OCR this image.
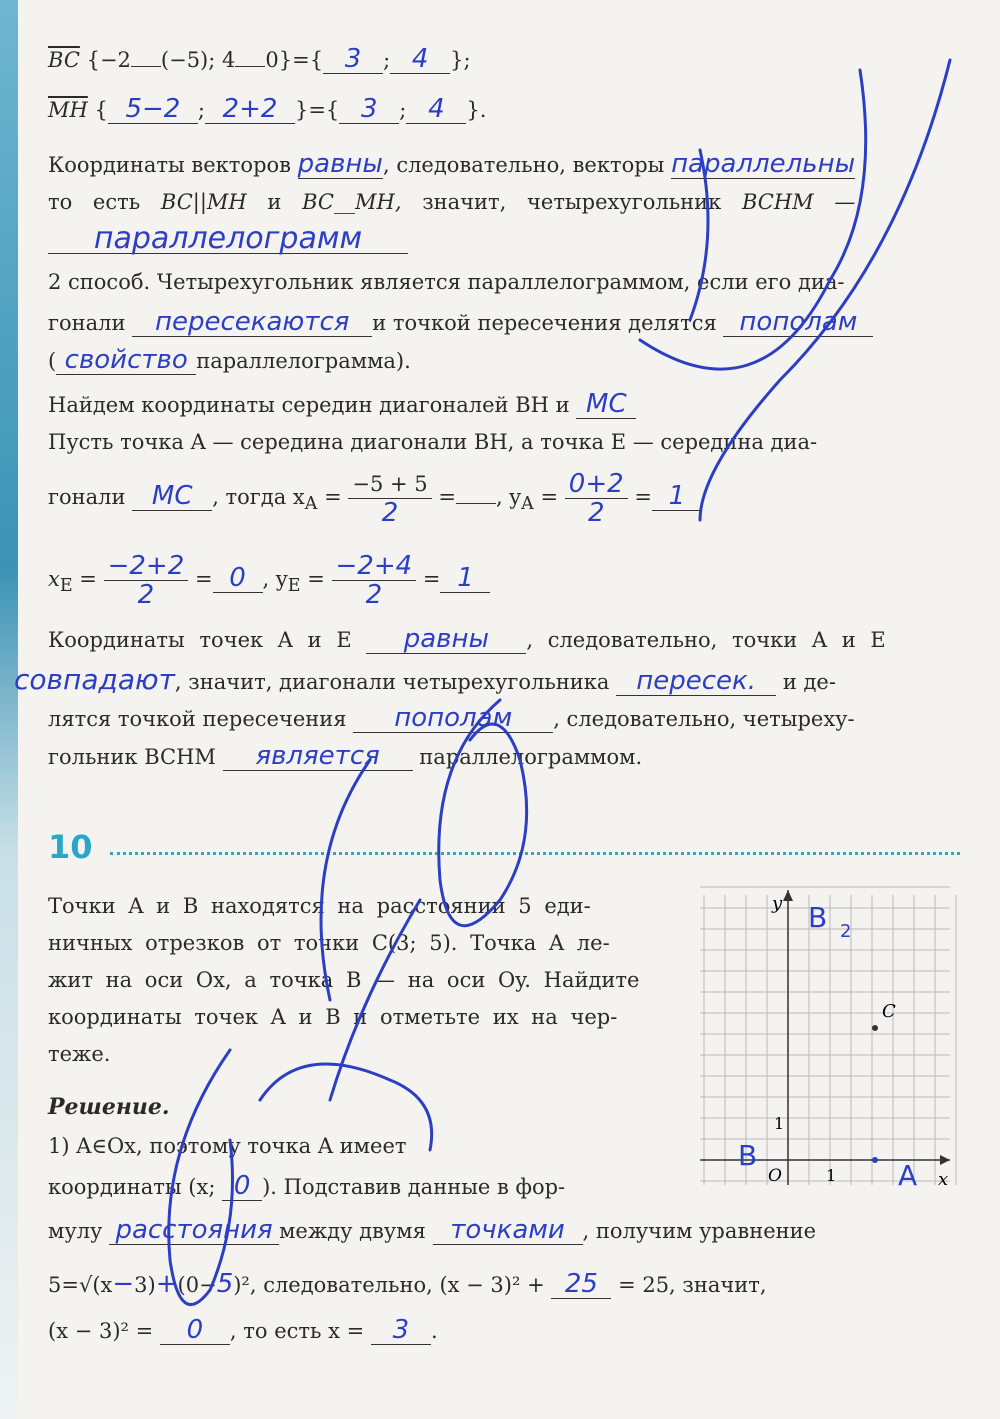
$\overline{BC}$ {−2 (−5); 4 0}={ 3 ; 4 };
$\overline{MH}$ { 5−2 ; 2+2 }={ 3 ; 4 }.
Координаты векторов равны, следовательно, векторы параллельны
то есть BC||MH и BC__MH, значит, четырехугольник BCHM —
параллелограмм
2 способ. Четырехугольник является параллелограммом, если его диа-
гонали пересекаются и точкой пересечения делятся пополам
( свойство параллелограмма).
Найдем координаты середин диагоналей BH и MC
Пусть точка A — середина диагонали BH, а точка E — середина диа-
гонали MC , тогда $x_A = \frac{-5 + 5}{2}$ = , $y_A = \frac{0+2}{2} = 1$
$x_E = \frac{-2+2}{2} = 0$ , $y_E = \frac{-2+4}{2} = 1$
Координаты точек A и E равны , следовательно, точки A и E
совпадают, значит, диагонали четырехугольника пересек. и де-
лятся точкой пересечения пополам , следовательно, четыреху-
гольник BCHM является параллелограммом.
10
Точки A и B находятся на расстоянии 5 еди-
ничных отрезков от точки C(3; 5). Точка A ле-
жит на оси Ox, а точка B — на оси Oy. Найдите
координаты точек A и B и отметьте их на чер-
теже.
Решение.
1) A∈Ox, поэтому точка A имеет
координаты (x; 0 ). Подставив данные в фор-
мулу расстояния между двумя точками , получим уравнение
5=√(x−3)+(0−5)², следовательно, (x − 3)² + 25 = 25, значит,
(x − 3)² = 0 , то есть x = 3 .
y
x
O	1
1
C
B 2
B
A
